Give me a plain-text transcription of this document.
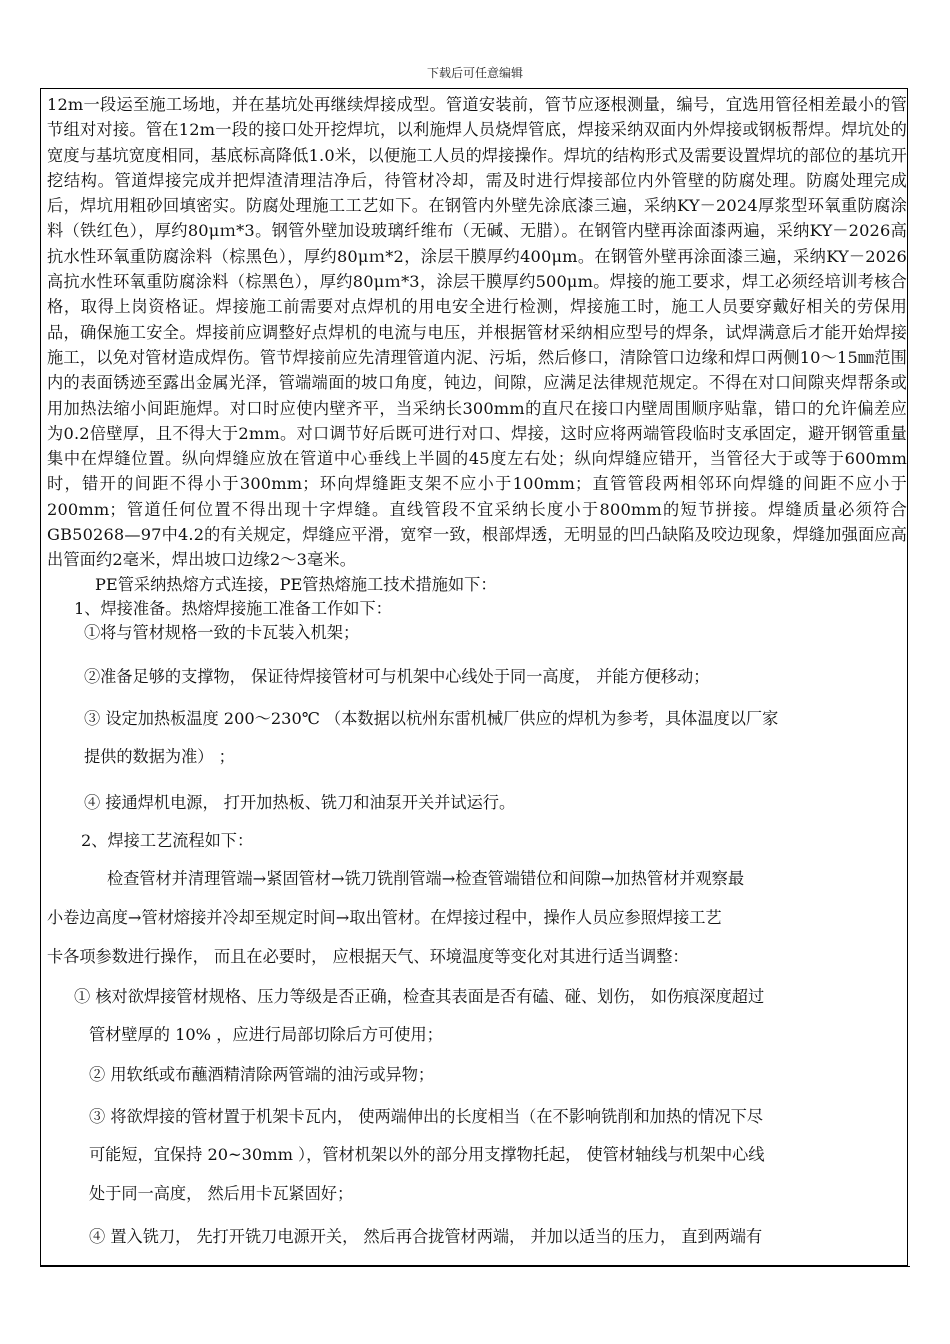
下载后可任意编辑

12m一段运至施工场地，并在基坑处再继续焊接成型。管道安装前，管节应逐根测量，编号，宜选用管径相差最小的管节组对对接。管在12m一段的接口处开挖焊坑，以利施焊人员烧焊管底，焊接采纳双面内外焊接或钢板帮焊。焊坑处的宽度与基坑宽度相同，基底标高降低1.0米，以便施工人员的焊接操作。焊坑的结构形式及需要设置焊坑的部位的基坑开挖结构。管道焊接完成并把焊渣清理洁净后，待管材冷却，需及时进行焊接部位内外管壁的防腐处理。防腐处理完成后，焊坑用粗砂回填密实。防腐处理施工工艺如下。在钢管内外壁先涂底漆三遍，采纳KY－2024厚浆型环氧重防腐涂料（铁红色），厚约80μｍ*3。钢管外壁加设玻璃纤维布（无碱、无腊）。在钢管内壁再涂面漆两遍，采纳KY－2026高抗水性环氧重防腐涂料（棕黑色），厚约80μｍ*2，涂层干膜厚约400μm。在钢管外壁再涂面漆三遍，采纳KY－2026高抗水性环氧重防腐涂料（棕黑色），厚约80μｍ*3，涂层干膜厚约500μm。焊接的施工要求，焊工必须经培训考核合格，取得上岗资格证。焊接施工前需要对点焊机的用电安全进行检测，焊接施工时，施工人员要穿戴好相关的劳保用品，确保施工安全。焊接前应调整好点焊机的电流与电压，并根据管材采纳相应型号的焊条，试焊满意后才能开始焊接施工，以免对管材造成焊伤。管节焊接前应先清理管道内泥、污垢，然后修口，清除管口边缘和焊口两侧10～15㎜范围内的表面锈迹至露出金属光泽，管端端面的坡口角度，钝边，间隙，应满足法律规范规定。不得在对口间隙夹焊帮条或用加热法缩小间距施焊。对口时应使内壁齐平，当采纳长300mm的直尺在接口内壁周围顺序贴靠，错口的允许偏差应为0.2倍壁厚，且不得大于2mm。对口调节好后既可进行对口、焊接，这时应将两端管段临时支承固定，避开钢管重量集中在焊缝位置。纵向焊缝应放在管道中心垂线上半圆的45度左右处；纵向焊缝应错开，当管径大于或等于600mm时，错开的间距不得小于300mm；环向焊缝距支架不应小于100mm；直管管段两相邻环向焊缝的间距不应小于200mm；管道任何位置不得出现十字焊缝。直线管段不宜采纳长度小于800mm的短节拼接。焊缝质量必须符合GB50268—97中4.2的有关规定，焊缝应平滑，宽窄一致，根部焊透，无明显的凹凸缺陷及咬边现象，焊缝加强面应高出管面约2毫米，焊出坡口边缘2～3毫米。

PE管采纳热熔方式连接，PE管热熔施工技术措施如下：

1、焊接准备。热熔焊接施工准备工作如下：

①将与管材规格一致的卡瓦装入机架；

②准备足够的支撑物， 保证待焊接管材可与机架中心线处于同一高度， 并能方便移动；

③ 设定加热板温度 200～230℃ （本数据以杭州东雷机械厂供应的焊机为参考，具体温度以厂家

提供的数据为准） ；

④ 接通焊机电源， 打开加热板、铣刀和油泵开关并试运行。

2、焊接工艺流程如下：

检查管材并清理管端→紧固管材→铣刀铣削管端→检查管端错位和间隙→加热管材并观察最

小卷边高度→管材熔接并冷却至规定时间→取出管材。在焊接过程中，操作人员应参照焊接工艺

卡各项参数进行操作， 而且在必要时， 应根据天气、环境温度等变化对其进行适当调整：

① 核对欲焊接管材规格、压力等级是否正确，检查其表面是否有磕、碰、划伤， 如伤痕深度超过

管材壁厚的 10% ，应进行局部切除后方可使用；

② 用软纸或布蘸酒精清除两管端的油污或异物；

③ 将欲焊接的管材置于机架卡瓦内， 使两端伸出的长度相当（在不影响铣削和加热的情况下尽

可能短，宜保持 20~30mm ），管材机架以外的部分用支撑物托起， 使管材轴线与机架中心线

处于同一高度， 然后用卡瓦紧固好；

④ 置入铣刀， 先打开铣刀电源开关， 然后再合拢管材两端， 并加以适当的压力， 直到两端有
